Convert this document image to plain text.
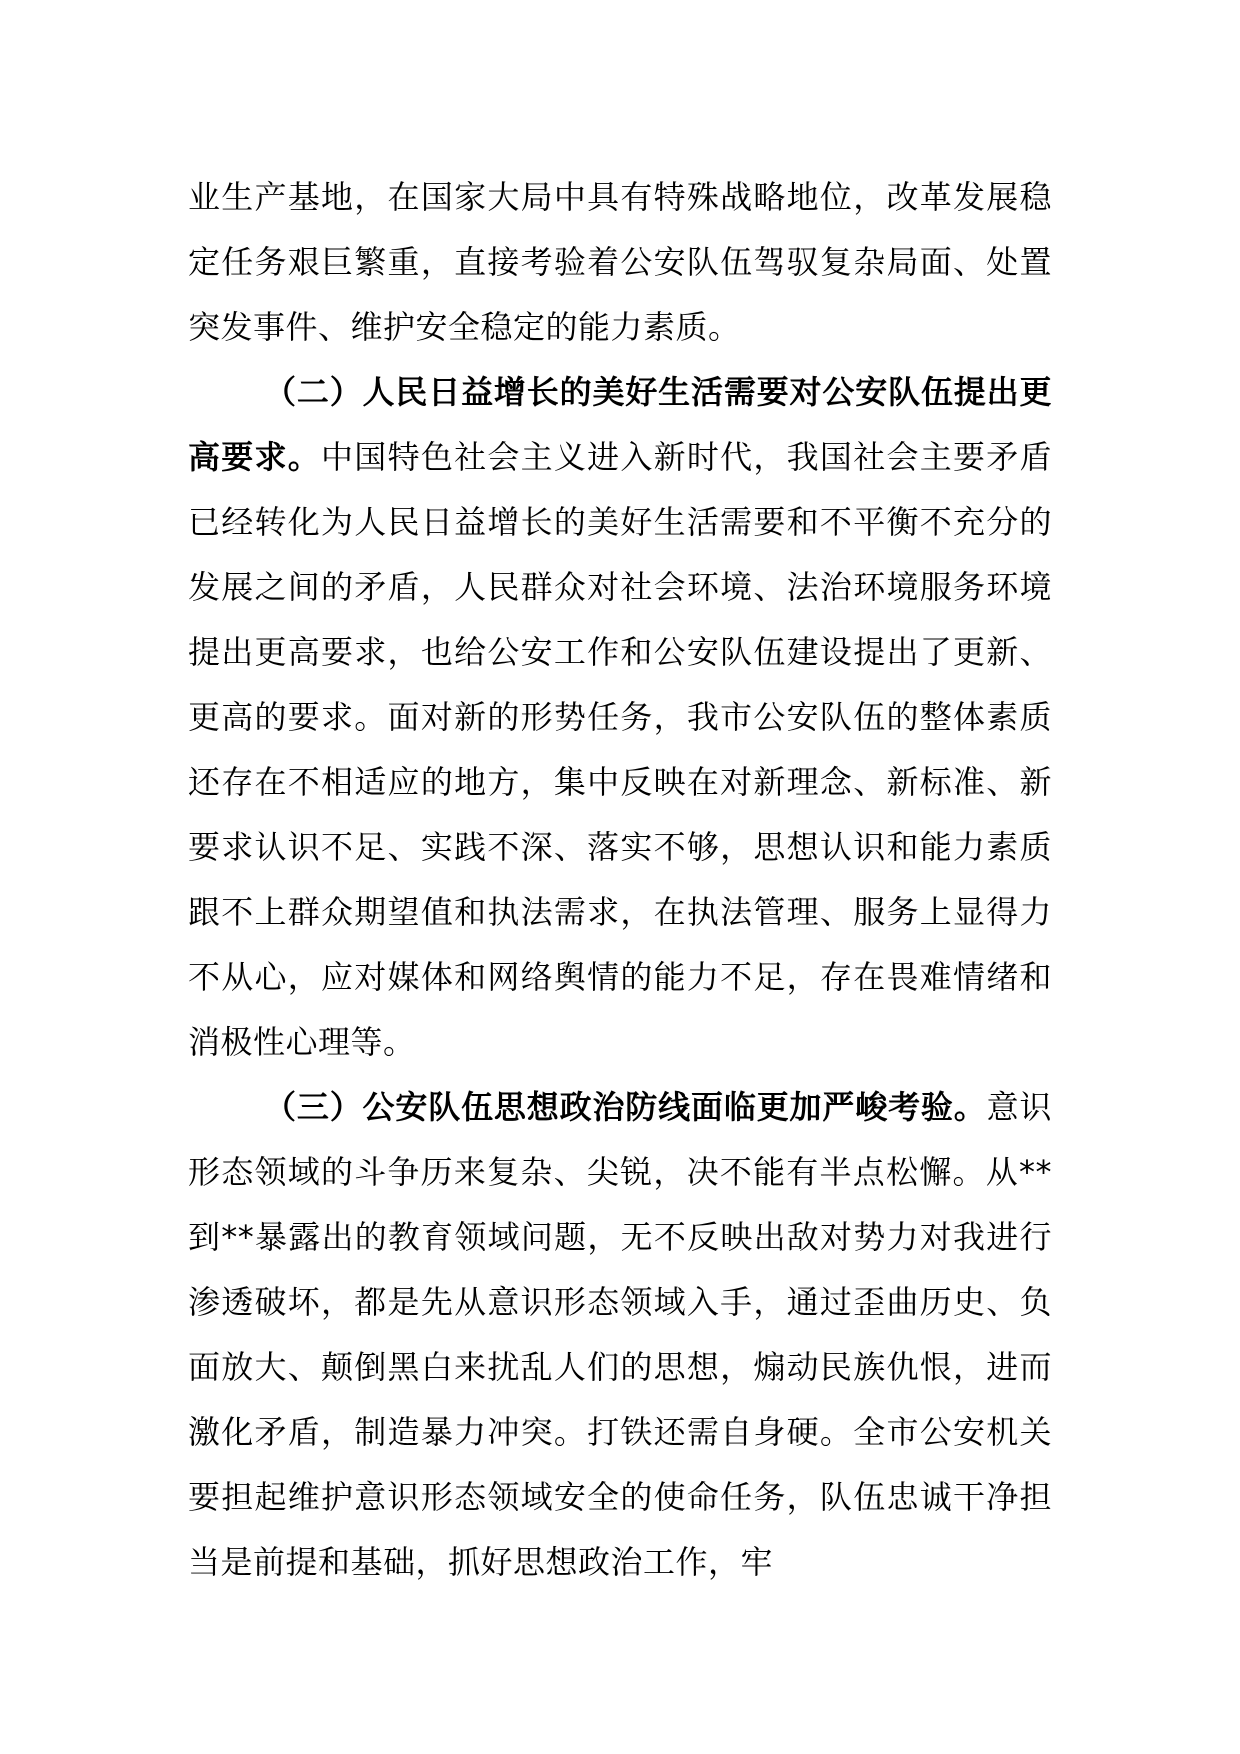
业生产基地，在国家大局中具有特殊战略地位，改革发展稳定任务艰巨繁重，直接考验着公安队伍驾驭复杂局面、处置突发事件、维护安全稳定的能力素质。

（二）人民日益增长的美好生活需要对公安队伍提出更高要求。中国特色社会主义进入新时代，我国社会主要矛盾已经转化为人民日益增长的美好生活需要和不平衡不充分的发展之间的矛盾，人民群众对社会环境、法治环境服务环境提出更高要求，也给公安工作和公安队伍建设提出了更新、更高的要求。面对新的形势任务，我市公安队伍的整体素质还存在不相适应的地方，集中反映在对新理念、新标准、新要求认识不足、实践不深、落实不够，思想认识和能力素质跟不上群众期望值和执法需求，在执法管理、服务上显得力不从心，应对媒体和网络舆情的能力不足，存在畏难情绪和消极性心理等。

（三）公安队伍思想政治防线面临更加严峻考验。意识形态领域的斗争历来复杂、尖锐，决不能有半点松懈。从**到**暴露出的教育领域问题，无不反映出敌对势力对我进行渗透破坏，都是先从意识形态领域入手，通过歪曲历史、负面放大、颠倒黑白来扰乱人们的思想，煽动民族仇恨，进而激化矛盾，制造暴力冲突。打铁还需自身硬。全市公安机关要担起维护意识形态领域安全的使命任务，队伍忠诚干净担当是前提和基础，抓好思想政治工作，牢
